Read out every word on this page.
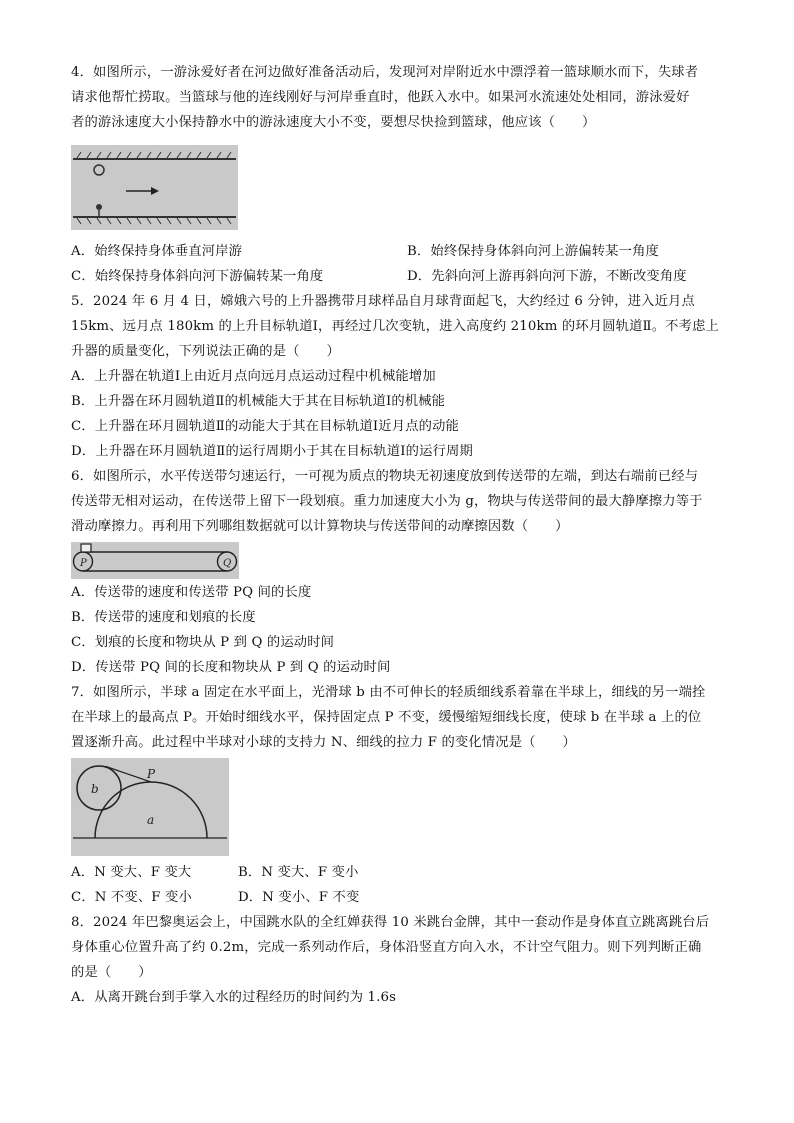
4．如图所示，一游泳爱好者在河边做好准备活动后，发现河对岸附近水中漂浮着一篮球顺水而下，失球者
请求他帮忙捞取。当篮球与他的连线刚好与河岸垂直时，他跃入水中。如果河水流速处处相同，游泳爱好
者的游泳速度大小保持静水中的游泳速度大小不变，要想尽快捡到篮球，他应该（　　）
A．始终保持身体垂直河岸游	B．始终保持身体斜向河上游偏转某一角度
C．始终保持身体斜向河下游偏转某一角度	D．先斜向河上游再斜向河下游，不断改变角度
5．2024 年 6 月 4 日，嫦娥六号的上升器携带月球样品自月球背面起飞，大约经过 6 分钟，进入近月点
15km、远月点 180km 的上升目标轨道Ⅰ，再经过几次变轨，进入高度约 210km 的环月圆轨道Ⅱ。不考虑上
升器的质量变化，下列说法正确的是（　　）
A．上升器在轨道Ⅰ上由近月点向远月点运动过程中机械能增加
B．上升器在环月圆轨道Ⅱ的机械能大于其在目标轨道Ⅰ的机械能
C．上升器在环月圆轨道Ⅱ的动能大于其在目标轨道Ⅰ近月点的动能
D．上升器在环月圆轨道Ⅱ的运行周期小于其在目标轨道Ⅰ的运行周期
6．如图所示，水平传送带匀速运行，一可视为质点的物块无初速度放到传送带的左端，到达右端前已经与
传送带无相对运动，在传送带上留下一段划痕。重力加速度大小为 g，物块与传送带间的最大静摩擦力等于
滑动摩擦力。再利用下列哪组数据就可以计算物块与传送带间的动摩擦因数（　　）
P	Q
A．传送带的速度和传送带 PQ 间的长度
B．传送带的速度和划痕的长度
C．划痕的长度和物块从 P 到 Q 的运动时间
D．传送带 PQ 间的长度和物块从 P 到 Q 的运动时间
7．如图所示，半球 a 固定在水平面上，光滑球 b 由不可伸长的轻质细线系着靠在半球上，细线的另一端拴
在半球上的最高点 P。开始时细线水平，保持固定点 P 不变，缓慢缩短细线长度，使球 b 在半球 a 上的位
置逐渐升高。此过程中半球对小球的支持力 N、细线的拉力 F 的变化情况是（　　）
b
P
a
A．N 变大、F 变大	B．N 变大、F 变小
C．N 不变、F 变小	D．N 变小、F 不变
8．2024 年巴黎奥运会上，中国跳水队的全红婵获得 10 米跳台金牌，其中一套动作是身体直立跳离跳台后
身体重心位置升高了约 0.2m，完成一系列动作后，身体沿竖直方向入水，不计空气阻力。则下列判断正确
的是（　　）
A．从离开跳台到手掌入水的过程经历的时间约为 1.6s
